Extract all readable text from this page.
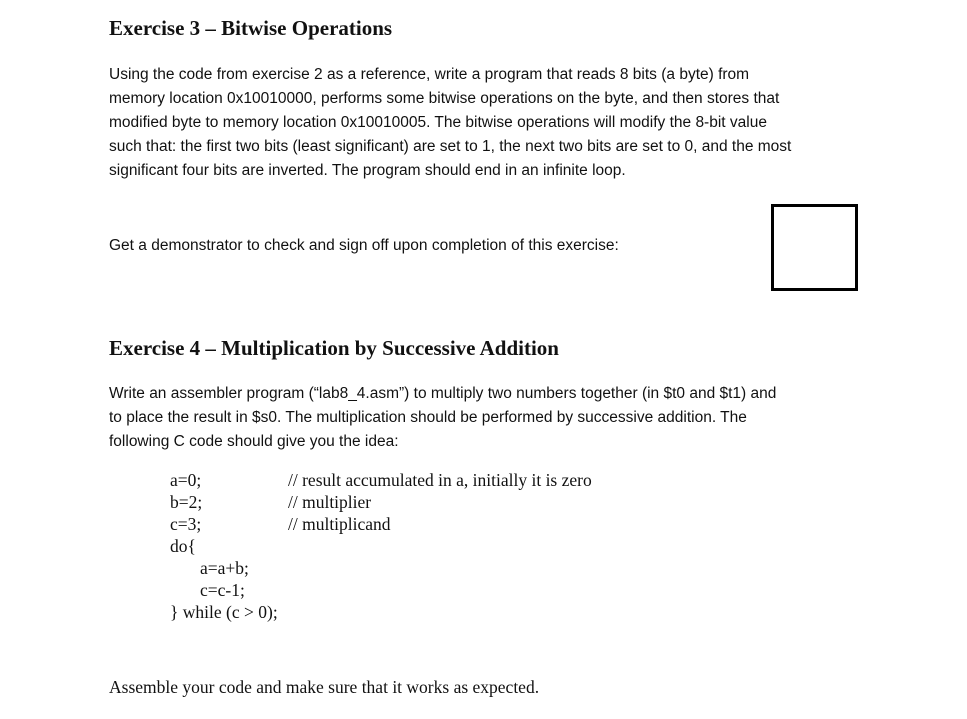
Exercise 3 – Bitwise Operations

Using the code from exercise 2 as a reference, write a program that reads 8 bits (a byte) from
memory location 0x10010000, performs some bitwise operations on the byte, and then stores that
modified byte to memory location 0x10010005. The bitwise operations will modify the 8-bit value
such that: the first two bits (least significant) are set to 1, the next two bits are set to 0, and the most
significant four bits are inverted. The program should end in an infinite loop.

Get a demonstrator to check and sign off upon completion of this exercise:

Exercise 4 – Multiplication by Successive Addition

Write an assembler program (“lab8_4.asm”) to multiply two numbers together (in $t0 and $t1) and
to place the result in $s0. The multiplication should be performed by successive addition. The
following C code should give you the idea:

a=0;	// result accumulated in a, initially it is zero
b=2;	// multiplier
c=3;	// multiplicand
do{
a=a+b;
c=c-1;
} while (c > 0);
Assemble your code and make sure that it works as expected.
